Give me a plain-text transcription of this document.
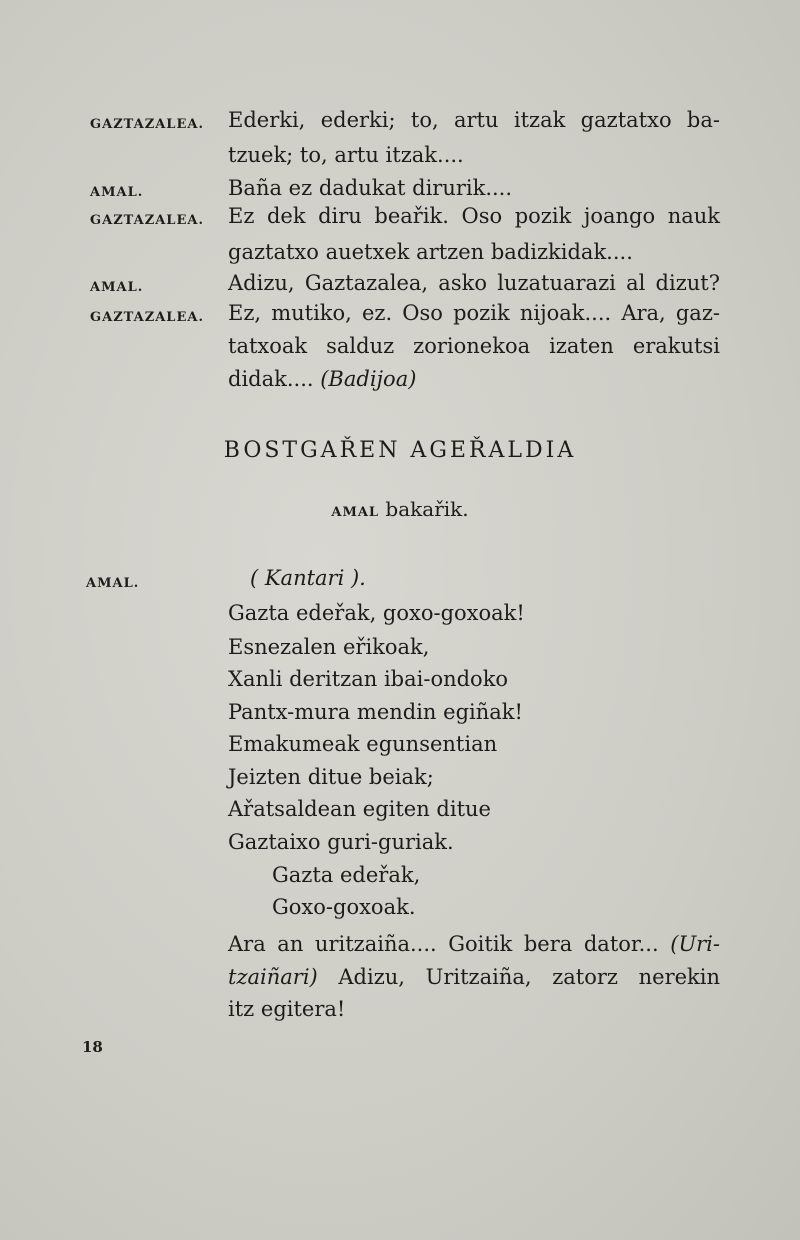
GAZTAZALEA. Ederki, ederki; to, artu itzak gaztatxo ba-
tzuek; to, artu itzak....
AMAL.	Baña ez dadukat dirurik....
GAZTAZALEA. Ez dek diru beařik. Oso pozik joango nauk
gaztatxo auetxek artzen badizkidak....
AMAL.	Adizu, Gaztazalea, asko luzatuarazi al dizut?
GAZTAZALEA. Ez, mutiko, ez. Oso pozik nijoak.... Ara, gaz-
tatxoak salduz zorionekoa izaten erakutsi
didak.... (Badijoa)
BOSTGAŘEN AGEŘALDIA
AMAL bakařik.
AMAL.	( Kantari ).
Gazta edeřak, goxo-goxoak!
Esnezalen eřikoak,
Xanli deritzan ibai-ondoko
Pantx-mura mendin egiñak!
Emakumeak egunsentian
Jeizten ditue beiak;
Ařatsaldean egiten ditue
Gaztaixo guri-guriak.
Gazta edeřak,
Goxo-goxoak.
Ara an uritzaiña.... Goitik bera dator... (Uri-
tzaiñari) Adizu, Uritzaiña, zatorz nerekin
itz egitera!
18
